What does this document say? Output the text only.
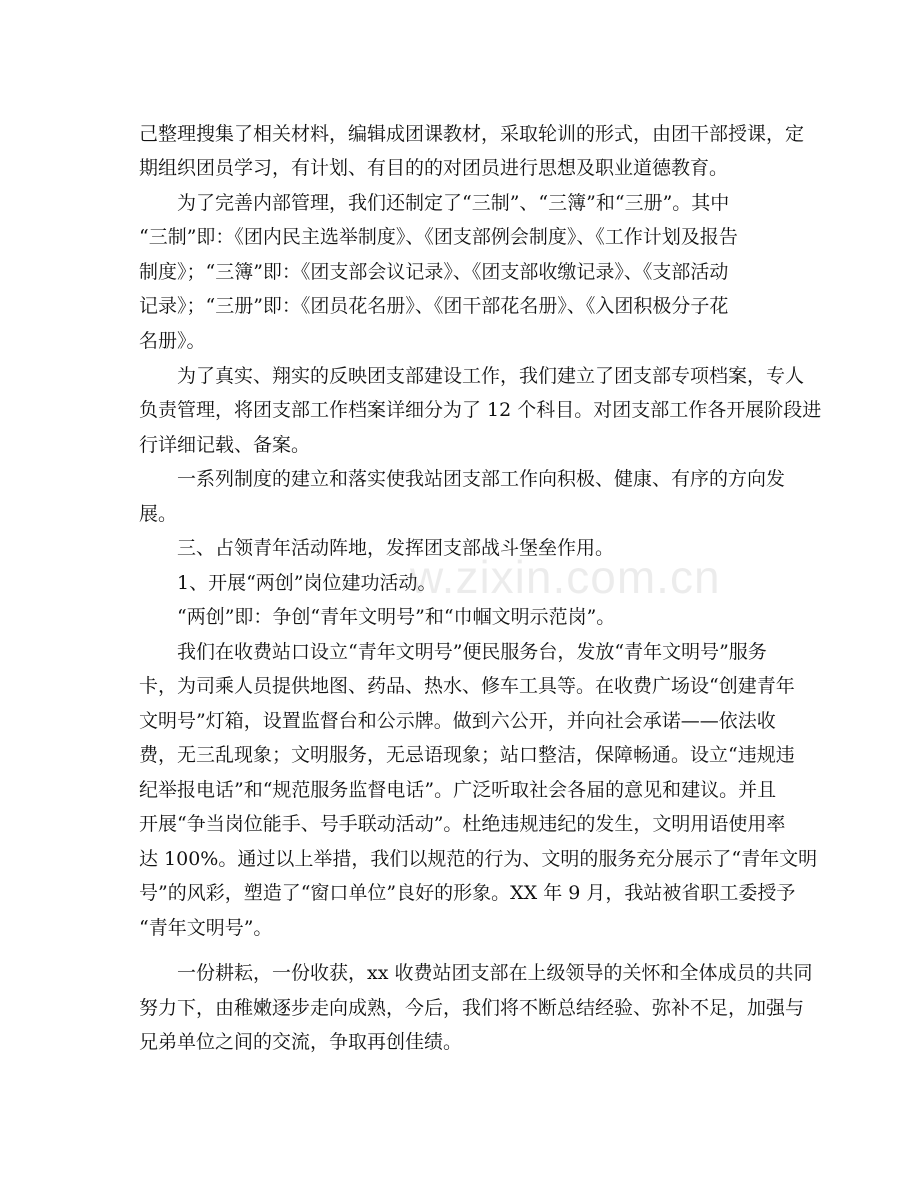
w.zixin.com.cn
己整理搜集了相关材料，编辑成团课教材，采取轮训的形式，由团干部授课，定
期组织团员学习，有计划、有目的的对团员进行思想及职业道德教育。
　　为了完善内部管理，我们还制定了“三制”、“三簿”和“三册”。其中
“三制”即：《团内民主选举制度》、《团支部例会制度》、《工作计划及报告
制度》；“三簿”即：《团支部会议记录》、《团支部收缴记录》、《支部活动
记录》；“三册”即：《团员花名册》、《团干部花名册》、《入团积极分子花
名册》。
　　为了真实、翔实的反映团支部建设工作，我们建立了团支部专项档案，专人
负责管理，将团支部工作档案详细分为了 12 个科目。对团支部工作各开展阶段进
行详细记载、备案。
　　一系列制度的建立和落实使我站团支部工作向积极、健康、有序的方向发
展。
　　三、占领青年活动阵地，发挥团支部战斗堡垒作用。
　　1、开展“两创”岗位建功活动。
　　“两创”即：争创“青年文明号”和“巾帼文明示范岗”。
　　我们在收费站口设立“青年文明号”便民服务台，发放“青年文明号”服务
卡，为司乘人员提供地图、药品、热水、修车工具等。在收费广场设“创建青年
文明号”灯箱，设置监督台和公示牌。做到六公开，并向社会承诺——依法收
费，无三乱现象；文明服务，无忌语现象；站口整洁，保障畅通。设立“违规违
纪举报电话”和“规范服务监督电话”。广泛听取社会各届的意见和建议。并且
开展“争当岗位能手、号手联动活动”。杜绝违规违纪的发生，文明用语使用率
达 100%。通过以上举措，我们以规范的行为、文明的服务充分展示了“青年文明
号”的风彩，塑造了“窗口单位”良好的形象。XX 年 9 月，我站被省职工委授予
“青年文明号”。
　　一份耕耘，一份收获，xx 收费站团支部在上级领导的关怀和全体成员的共同
努力下，由稚嫩逐步走向成熟，今后，我们将不断总结经验、弥补不足，加强与
兄弟单位之间的交流，争取再创佳绩。
